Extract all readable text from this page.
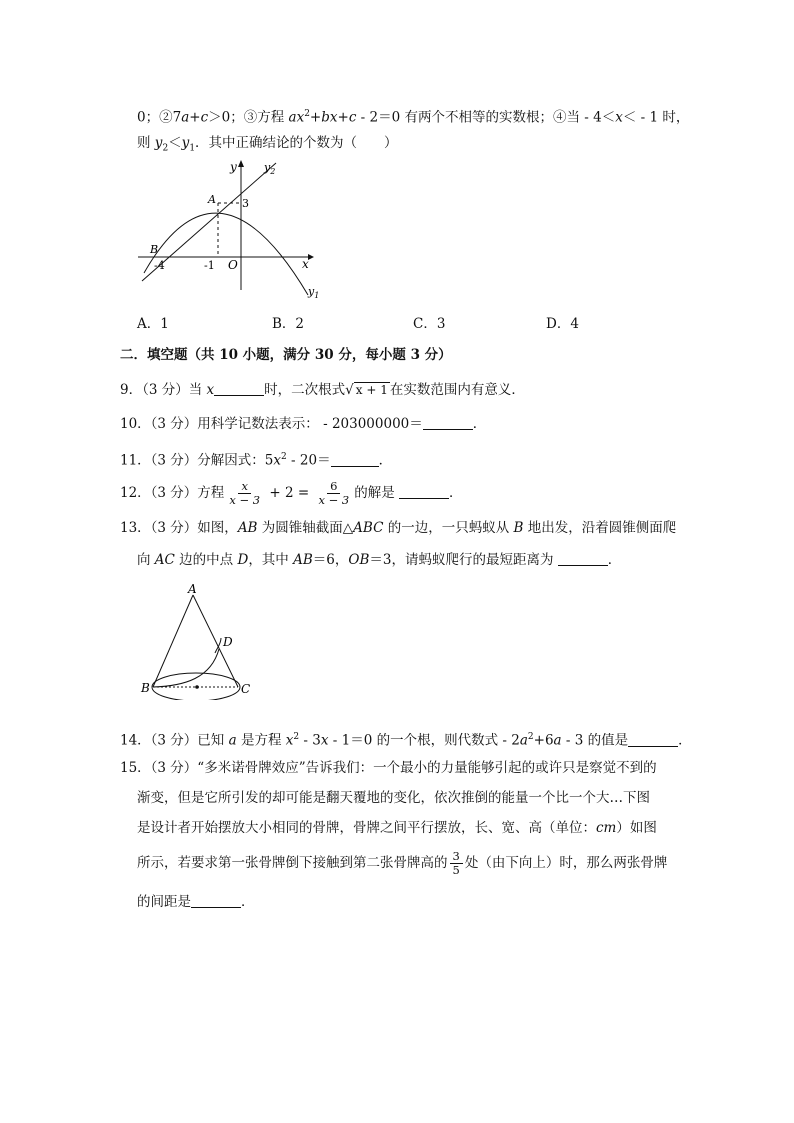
0；②7a+c＞0；③方程 $ax^2+bx+c - 2=0$ 有两个不相等的实数根；④当 - 4＜x＜ - 1 时，
则 $y_2<y_1$．其中正确结论的个数为（　　）
y
x
O
$y_2$
$y_1$
A
B
-4	-1
3
A．1	B．2	C．3	D．4
二．填空题（共 10 小题，满分 30 分，每小题 3 分）
9．（3 分）当 x	时，二次根式√ x + 1 在实数范围内有意义．
10．（3 分）用科学记数法表示： - 203000000＝	．
11．（3 分）分解因式：$5x^2 - 20=$	．
12．（3 分）方程 $\frac{x}{x - 3} + 2 = \frac{6}{x - 3}$ 的解是	．
13．（3 分）如图，AB 为圆锥轴截面△ABC 的一边，一只蚂蚁从 B 地出发，沿着圆锥侧面爬
向 AC 边的中点 D，其中 AB＝6，OB＝3，请蚂蚁爬行的最短距离为	．
A
B	C
D
14．（3 分）已知 a 是方程 $x^2 - 3x - 1=0$ 的一个根，则代数式 - $2a^2+6a - 3$ 的值是	．
15．（3 分）“多米诺骨牌效应”告诉我们：一个最小的力量能够引起的或许只是察觉不到的
渐变，但是它所引发的却可能是翻天覆地的变化，依次推倒的能量一个比一个大…下图
是设计者开始摆放大小相同的骨牌，骨牌之间平行摆放，长、宽、高（单位：cm）如图
所示，若要求第一张骨牌倒下接触到第二张骨牌高的 $\frac{3}{5}$ 处（由下向上）时，那么两张骨牌
的间距是	．
